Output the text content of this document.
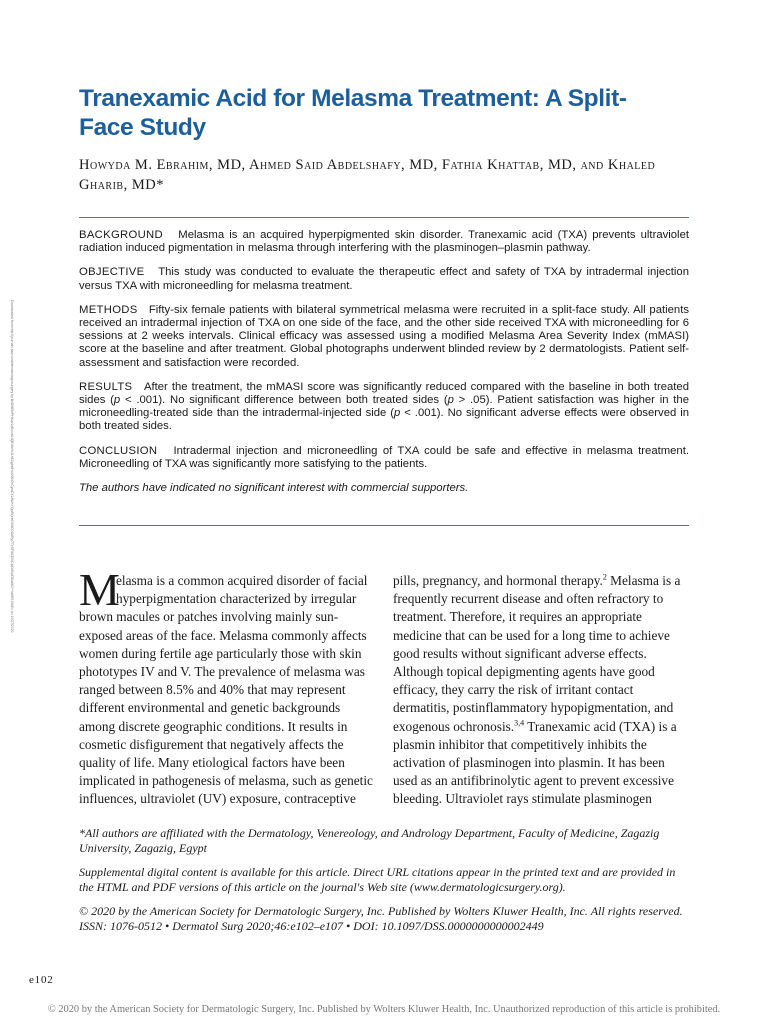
Tranexamic Acid for Melasma Treatment: A Split-Face Study
Howyda M. Ebrahim, MD, Ahmed Said Abdelshafy, MD, Fathia Khattab, MD, and Khaled Gharib, MD*
Downloaded from http://journals.lww.com/dermatologicsurgery by BhDMf5ePHKav1zEoum1tQfN4a+kJLhEZgbsIHo4XMi0hCywCX1AWnYQp/IlQrHD3i3D0OdRyi7TvSFl4Cf3VC4/OAVpDDa8K2+Ya6H515kE= on 10/27/2020

BACKGROUND Melasma is an acquired hyperpigmented skin disorder. Tranexamic acid (TXA) prevents ultraviolet radiation induced pigmentation in melasma through interfering with the plasminogen–plasmin pathway.

OBJECTIVE This study was conducted to evaluate the therapeutic effect and safety of TXA by intradermal injection versus TXA with microneedling for melasma treatment.

METHODS Fifty-six female patients with bilateral symmetrical melasma were recruited in a split-face study. All patients received an intradermal injection of TXA on one side of the face, and the other side received TXA with microneedling for 6 sessions at 2 weeks intervals. Clinical efficacy was assessed using a modified Melasma Area Severity Index (mMASI) score at the baseline and after treatment. Global photographs underwent blinded review by 2 dermatologists. Patient self-assessment and satisfaction were recorded.

RESULTS After the treatment, the mMASI score was significantly reduced compared with the baseline in both treated sides (p < .001). No significant difference between both treated sides (p > .05). Patient satisfaction was higher in the microneedling-treated side than the intradermal-injected side (p < .001). No significant adverse effects were observed in both treated sides.

CONCLUSION Intradermal injection and microneedling of TXA could be safe and effective in melasma treatment. Microneedling of TXA was significantly more satisfying to the patients.

The authors have indicated no significant interest with commercial supporters.

M
elasma is a common acquired disorder of facial
hyperpigmentation characterized by irregular
brown macules or patches involving mainly sun-
exposed areas of the face. Melasma commonly affects
women during fertile age particularly those with skin
phototypes IV and V. The prevalence of melasma was
ranged between 8.5% and 40% that may represent
different environmental and genetic backgrounds
among discrete geographic conditions. It results in
cosmetic disfigurement that negatively affects the
quality of life. Many etiological factors have been
implicated in pathogenesis of melasma, such as genetic
influences, ultraviolet (UV) exposure, contraceptive
pills, pregnancy, and hormonal therapy.$^2$ Melasma is a
frequently recurrent disease and often refractory to
treatment. Therefore, it requires an appropriate
medicine that can be used for a long time to achieve
good results without significant adverse effects.
Although topical depigmenting agents have good
efficacy, they carry the risk of irritant contact
dermatitis, postinflammatory hypopigmentation, and
exogenous ochronosis.$^{3,4}$ Tranexamic acid (TXA) is a
plasmin inhibitor that competitively inhibits the
activation of plasminogen into plasmin. It has been
used as an antifibrinolytic agent to prevent excessive
bleeding. Ultraviolet rays stimulate plasminogen

*All authors are affiliated with the Dermatology, Venereology, and Andrology Department, Faculty of Medicine, Zagazig University, Zagazig, Egypt

Supplemental digital content is available for this article. Direct URL citations appear in the printed text and are provided in the HTML and PDF versions of this article on the journal's Web site (www.dermatologicsurgery.org).

© 2020 by the American Society for Dermatologic Surgery, Inc. Published by Wolters Kluwer Health, Inc. All rights reserved.

ISSN: 1076-0512 • Dermatol Surg 2020;46:e102–e107 • DOI: 10.1097/DSS.0000000000002449

e102
© 2020 by the American Society for Dermatologic Surgery, Inc. Published by Wolters Kluwer Health, Inc. Unauthorized reproduction of this article is prohibited.
